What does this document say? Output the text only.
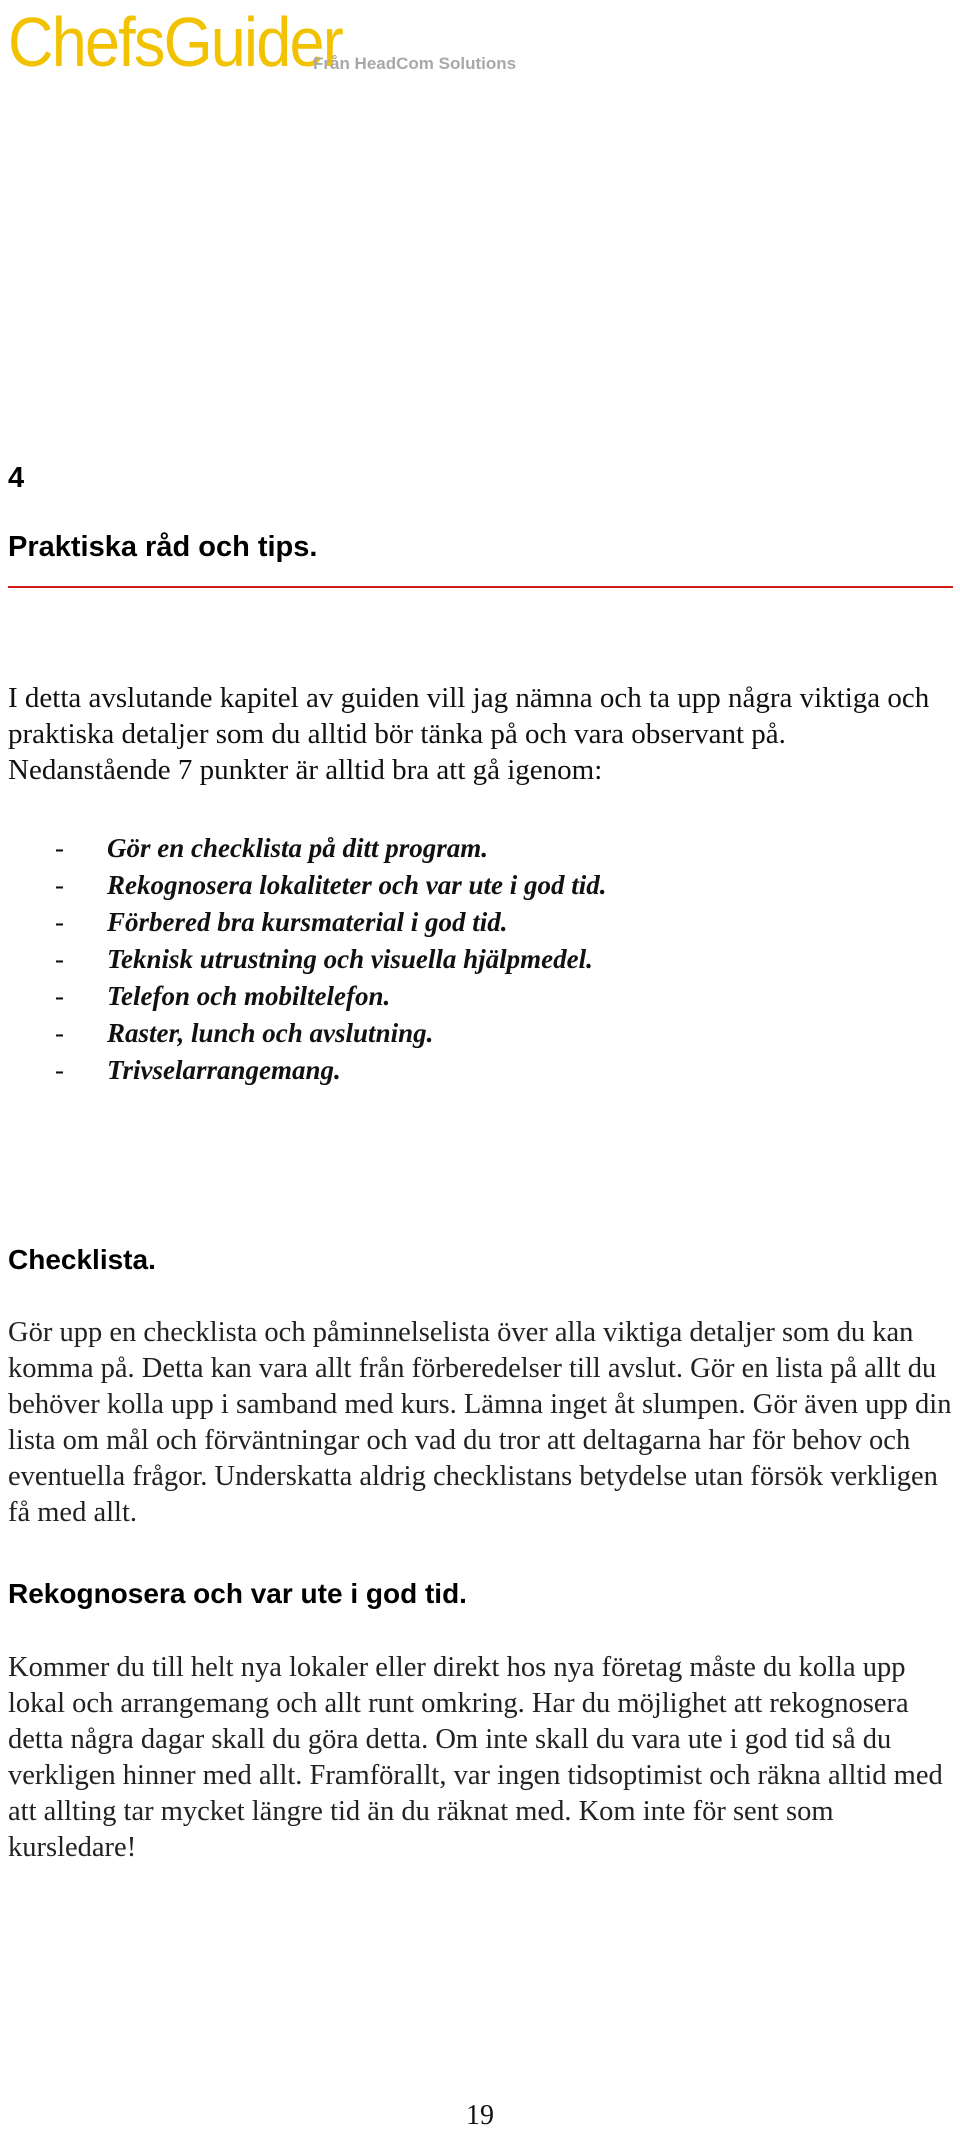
ChefsGuider
Från HeadCom Solutions
4
Praktiska råd och tips.

I detta avslutande kapitel av guiden vill jag nämna och ta upp några viktiga och praktiska detaljer som du alltid bör tänka på och vara observant på. Nedanstående 7 punkter är alltid bra att gå igenom:

-	Gör en checklista på ditt program.
-	Rekognosera lokaliteter och var ute i god tid.
-	Förbered bra kursmaterial i god tid.
-	Teknisk utrustning och visuella hjälpmedel.
-	Telefon och mobiltelefon.
-	Raster, lunch och avslutning.
-	Trivselarrangemang.
Checklista.

Gör upp en checklista och påminnelselista över alla viktiga detaljer som du kan komma på. Detta kan vara allt från förberedelser till avslut. Gör en lista på allt du behöver kolla upp i samband med kurs. Lämna inget åt slumpen. Gör även upp din lista om mål och förväntningar och vad du tror att deltagarna har för behov och eventuella frågor. Underskatta aldrig checklistans betydelse utan försök verkligen få med allt.

Rekognosera och var ute i god tid.

Kommer du till helt nya lokaler eller direkt hos nya företag måste du kolla upp lokal och arrangemang och allt runt omkring. Har du möjlighet att rekognosera detta några dagar skall du göra detta. Om inte skall du vara ute i god tid så du verkligen hinner med allt. Framförallt, var ingen tidsoptimist och räkna alltid med att allting tar mycket längre tid än du räknat med. Kom inte för sent som kursledare!

19
